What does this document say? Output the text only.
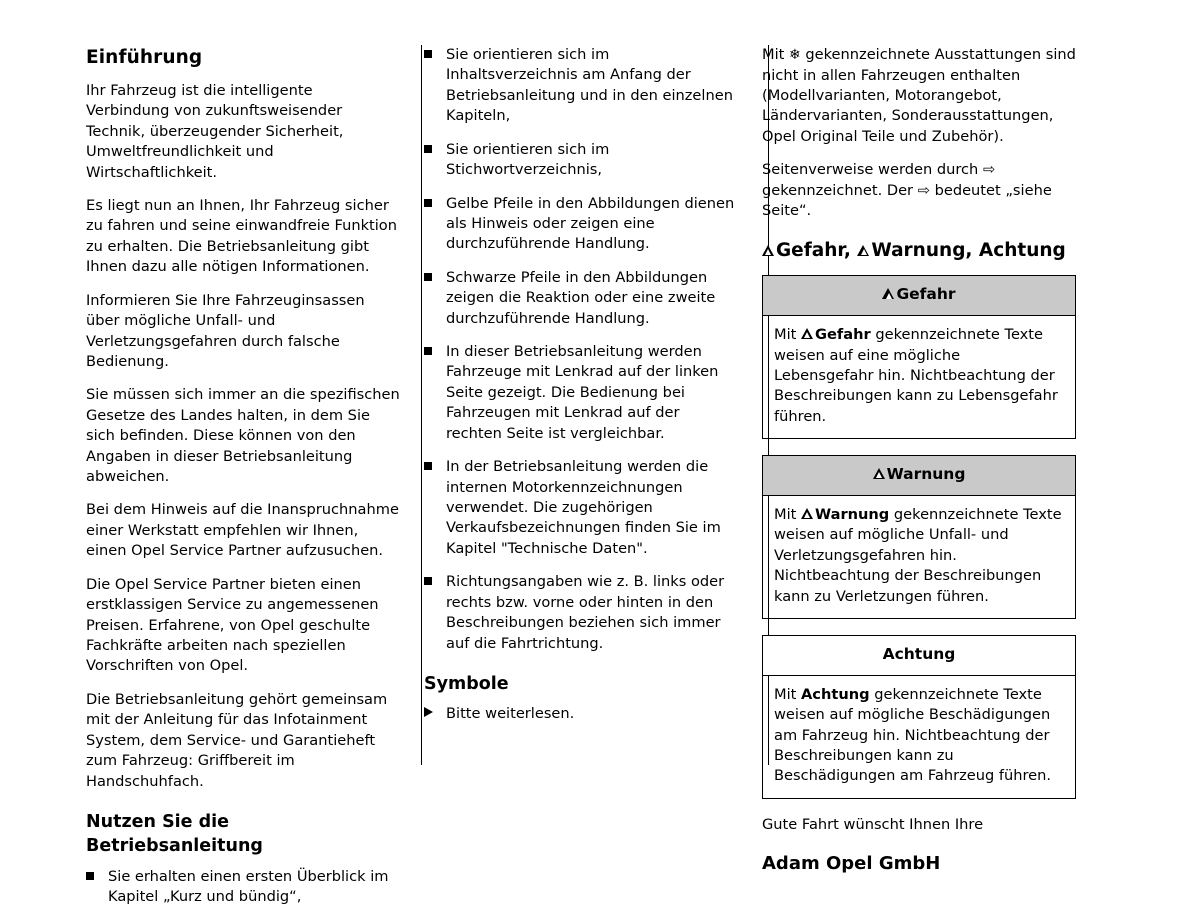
Einführung

Ihr Fahrzeug ist die intelligente Verbindung von zukunftsweisender Technik, überzeugender Sicherheit, Umweltfreundlichkeit und Wirtschaftlichkeit.

Es liegt nun an Ihnen, Ihr Fahrzeug sicher zu fahren und seine einwandfreie Funktion zu erhalten. Die Betriebsanleitung gibt Ihnen dazu alle nötigen Informationen.

Informieren Sie Ihre Fahrzeuginsassen über mögliche Unfall- und Verletzungsgefahren durch falsche Bedienung.

Sie müssen sich immer an die spezifischen Gesetze des Landes halten, in dem Sie sich befinden. Diese können von den Angaben in dieser Betriebsanleitung abweichen.

Bei dem Hinweis auf die Inanspruchnahme einer Werkstatt empfehlen wir Ihnen, einen Opel Service Partner aufzusuchen.

Die Opel Service Partner bieten einen erstklassigen Service zu angemessenen Preisen. Erfahrene, von Opel geschulte Fachkräfte arbeiten nach speziellen Vorschriften von Opel.

Die Betriebsanleitung gehört gemeinsam mit der Anleitung für das Infotainment System, dem Service- und Garantieheft zum Fahrzeug: Griffbereit im Handschuhfach.

Nutzen Sie die Betriebsanleitung
Sie erhalten einen ersten Überblick im Kapitel „Kurz und bündig“,
Sie orientieren sich im Inhaltsverzeichnis am Anfang der Betriebsanleitung und in den einzelnen Kapiteln,
Sie orientieren sich im Stichwortverzeichnis,
Gelbe Pfeile in den Abbildungen dienen als Hinweis oder zeigen eine durchzuführende Handlung.
Schwarze Pfeile in den Abbildungen zeigen die Reaktion oder eine zweite durchzuführende Handlung.
In dieser Betriebsanleitung werden Fahrzeuge mit Lenkrad auf der linken Seite gezeigt. Die Bedienung bei Fahrzeugen mit Lenkrad auf der rechten Seite ist vergleichbar.
In der Betriebsanleitung werden die internen Motorkennzeichnungen verwendet. Die zugehörigen Verkaufsbezeichnungen finden Sie im Kapitel "Technische Daten".
Richtungsangaben wie z. B. links oder rechts bzw. vorne oder hinten in den Beschreibungen beziehen sich immer auf die Fahrtrichtung.
Symbole
Bitte weiterlesen.

Mit ❄ gekennzeichnete Ausstattungen sind nicht in allen Fahrzeugen enthalten (Modellvarianten, Motorangebot, Ländervarianten, Sonderausstattungen, Opel Original Teile und Zubehör).

Seitenverweise werden durch ⇨ gekennzeichnet. Der ⇨ bedeutet „siehe Seite“.

Gefahr, Warnung, Achtung
Gefahr
Mit Gefahr gekennzeichnete Texte weisen auf eine mögliche Lebensgefahr hin. Nichtbeachtung der Beschreibungen kann zu Lebensgefahr führen.
Warnung
Mit Warnung gekennzeichnete Texte weisen auf mögliche Unfall- und Verletzungsgefahren hin. Nichtbeachtung der Beschreibungen kann zu Verletzungen führen.
Achtung
Mit Achtung gekennzeichnete Texte weisen auf mögliche Beschädigungen am Fahrzeug hin. Nichtbeachtung der Beschreibungen kann zu Beschädigungen am Fahrzeug führen.
Gute Fahrt wünscht Ihnen Ihre
Adam Opel GmbH
